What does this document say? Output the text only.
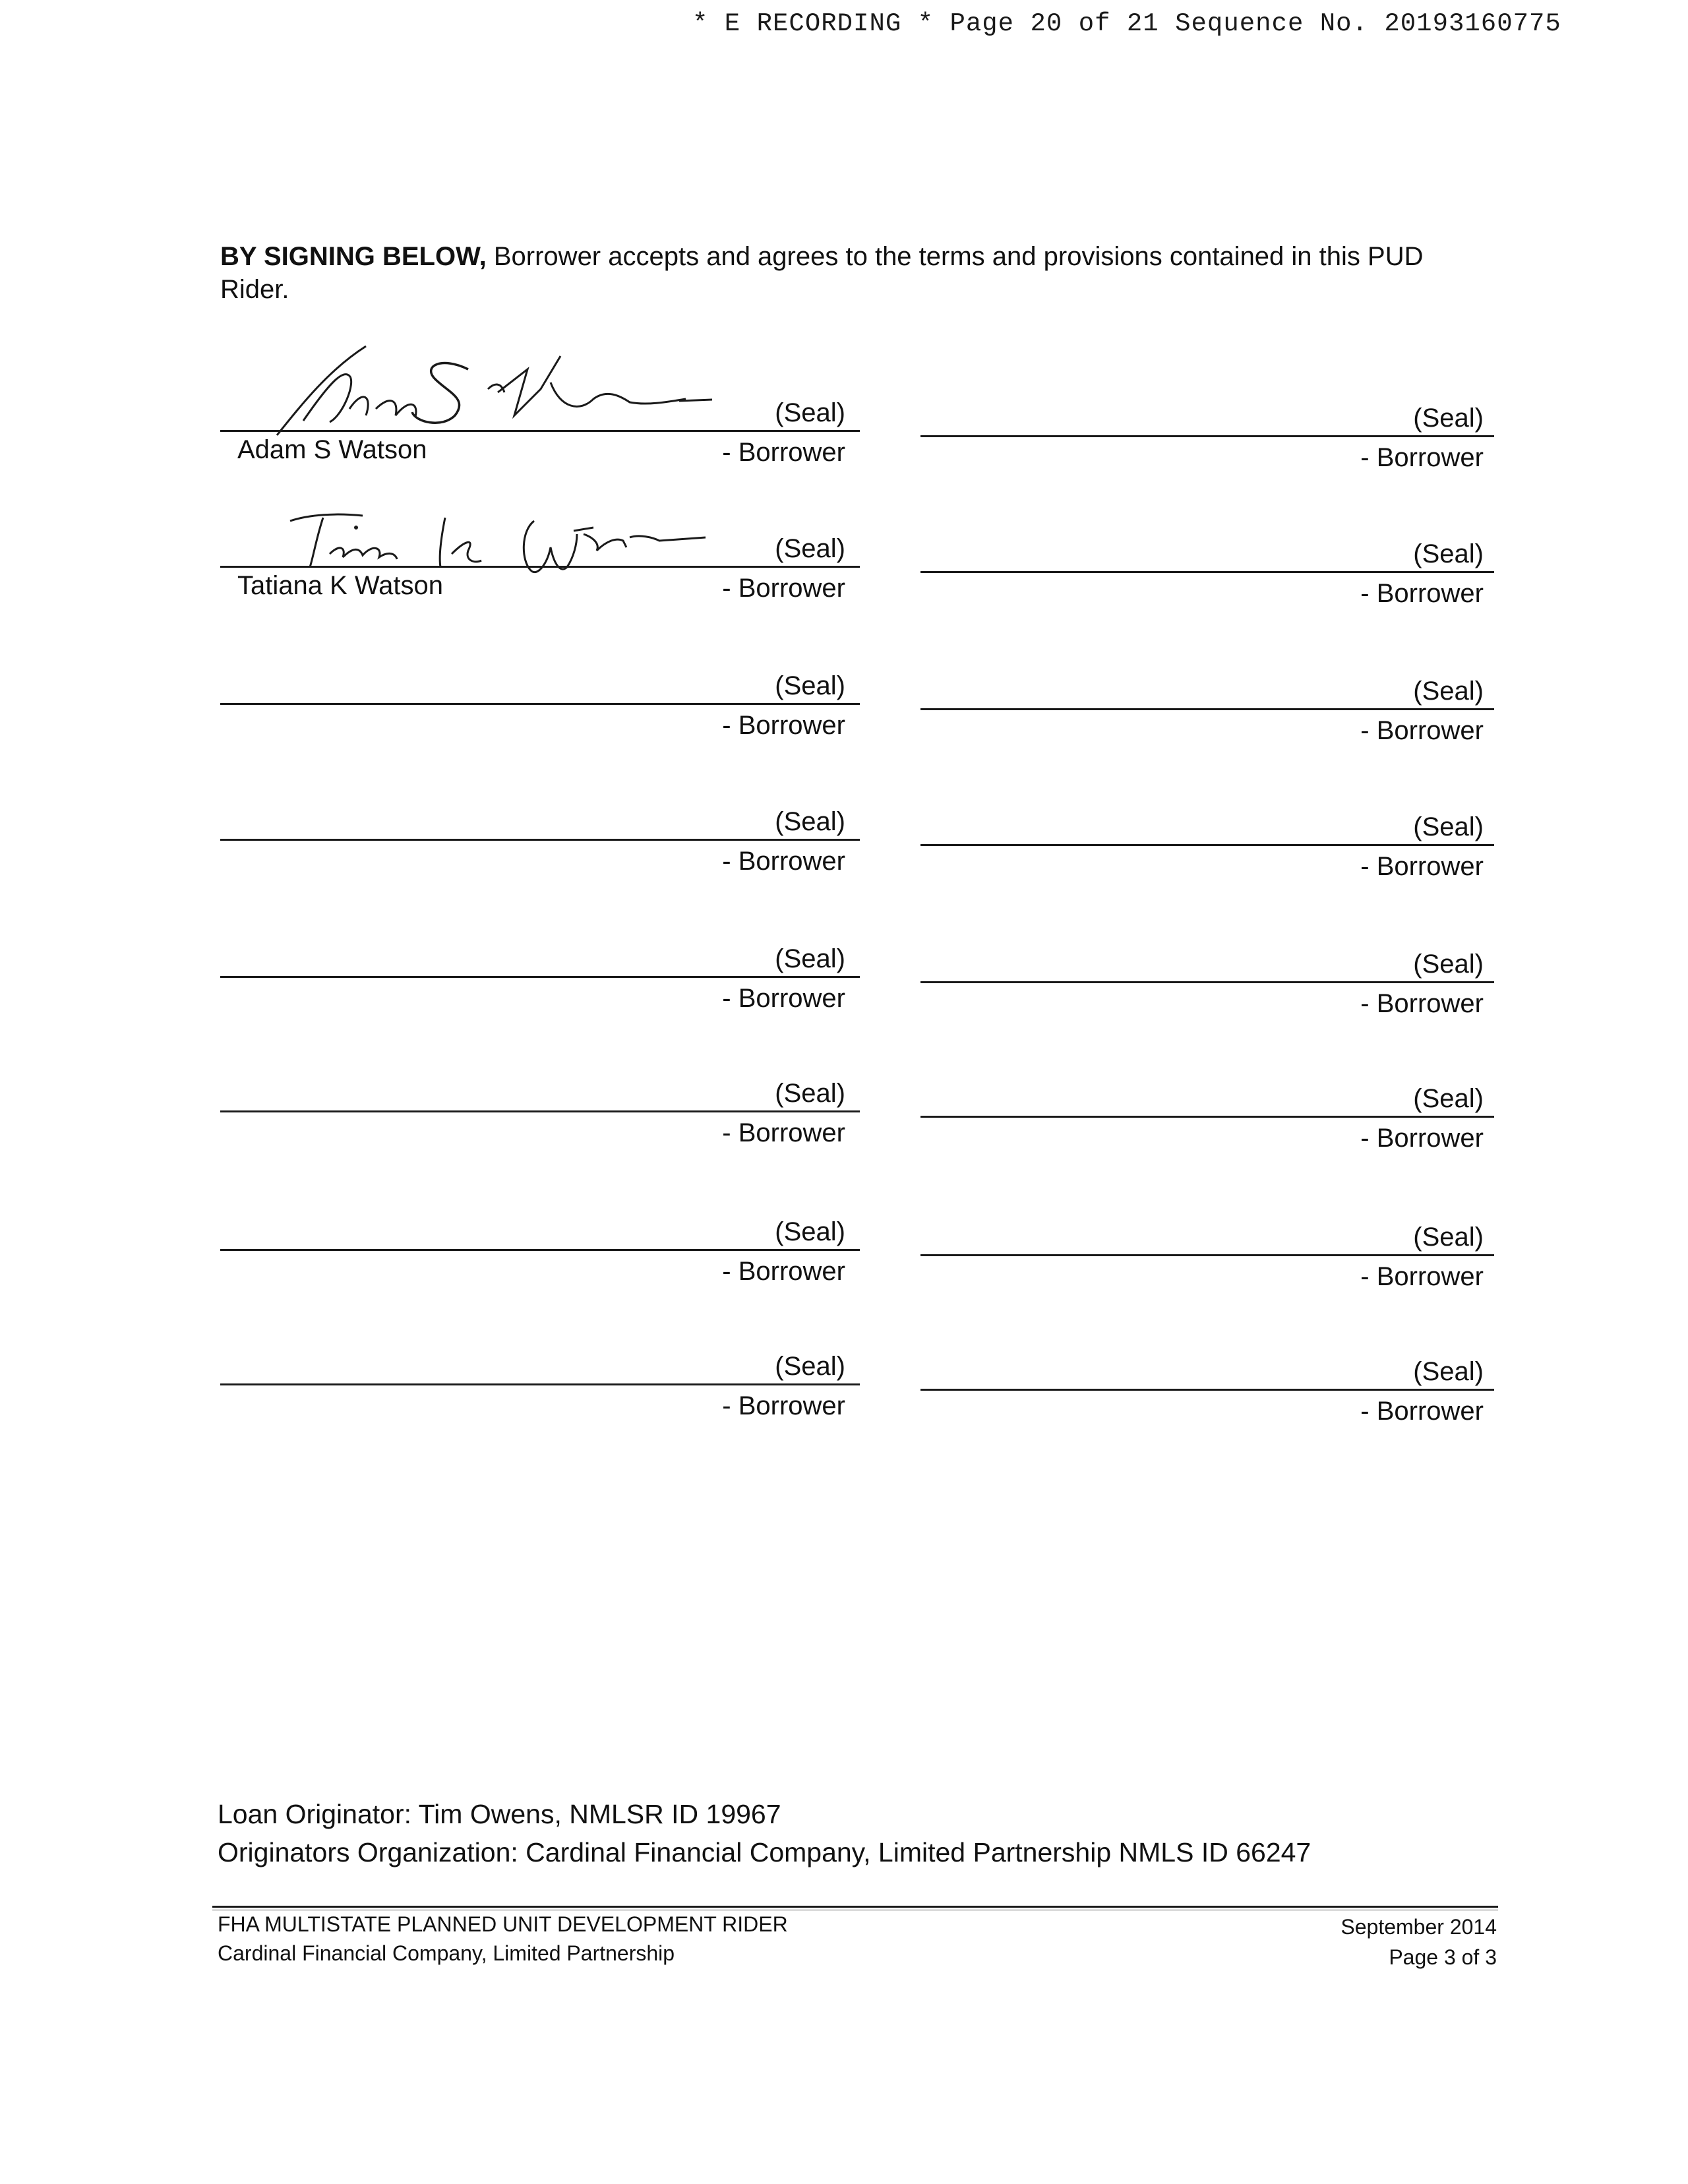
* E RECORDING * Page 20 of 21 Sequence No. 20193160775
BY SIGNING BELOW, Borrower accepts and agrees to the terms and provisions contained in this PUD Rider.
(Seal)
(Seal)
(Seal)
(Seal)
(Seal)
(Seal)
(Seal)
(Seal)
(Seal)
(Seal)
(Seal)
(Seal)
(Seal)
(Seal)
(Seal)
(Seal)
- Borrower
- Borrower
- Borrower
- Borrower
- Borrower
- Borrower
- Borrower
- Borrower
- Borrower
- Borrower
- Borrower
- Borrower
- Borrower
- Borrower
- Borrower
- Borrower
Adam S Watson
Tatiana K Watson
Loan Originator: Tim Owens, NMLSR ID 19967
Originators Organization: Cardinal Financial Company, Limited Partnership NMLS ID 66247
FHA MULTISTATE PLANNED UNIT DEVELOPMENT RIDER
Cardinal Financial Company, Limited Partnership
September 2014
Page 3 of 3
